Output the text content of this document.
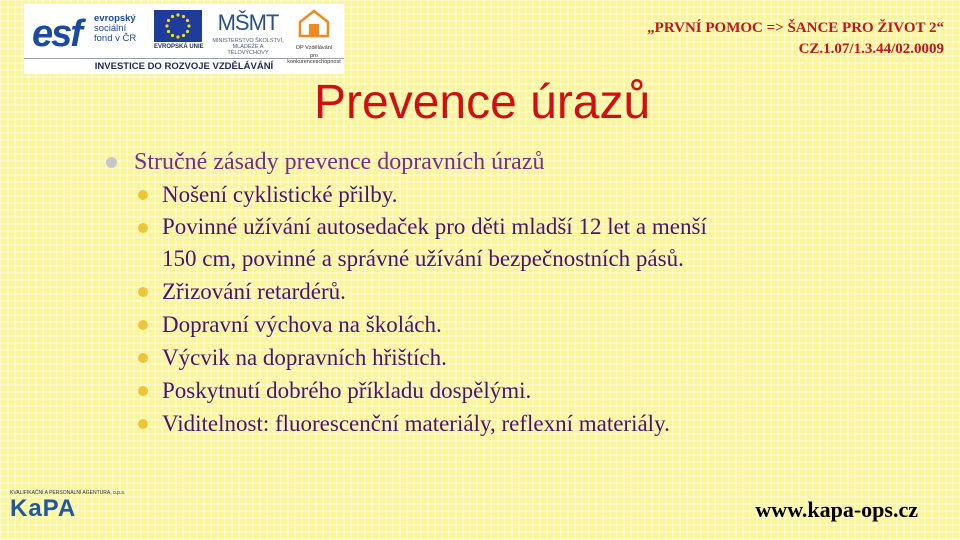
esf evropský
sociální
fond v ČR
EVROPSKÁ UNIE
MŠMT
MINISTERSTVO ŠKOLSTVÍ,
MLÁDEŽE A TĚLOVÝCHOVY
OP Vzdělávání
pro konkurenceschopnost
INVESTICE DO ROZVOJE VZDĚLÁVÁNÍ
„PRVNÍ POMOC => ŠANCE PRO ŽIVOT 2“
CZ.1.07/1.3.44/02.0009
Prevence úrazů
Stručné zásady prevence dopravních úrazů
Nošení cyklistické přilby.
Povinné užívání autosedaček pro děti mladší 12 let a menší
150 cm, povinné a správné užívání bezpečnostních pásů.
Zřizování retardérů.
Dopravní výchova na školách.
Výcvik na dopravních hřištích.
Poskytnutí dobrého příkladu dospělými.
Viditelnost: fluorescenční materiály, reflexní materiály.
KVALIFIKAČNÍ A PERSONÁLNÍ AGENTURA, o.p.s.
KaPA	www.kapa-ops.cz
